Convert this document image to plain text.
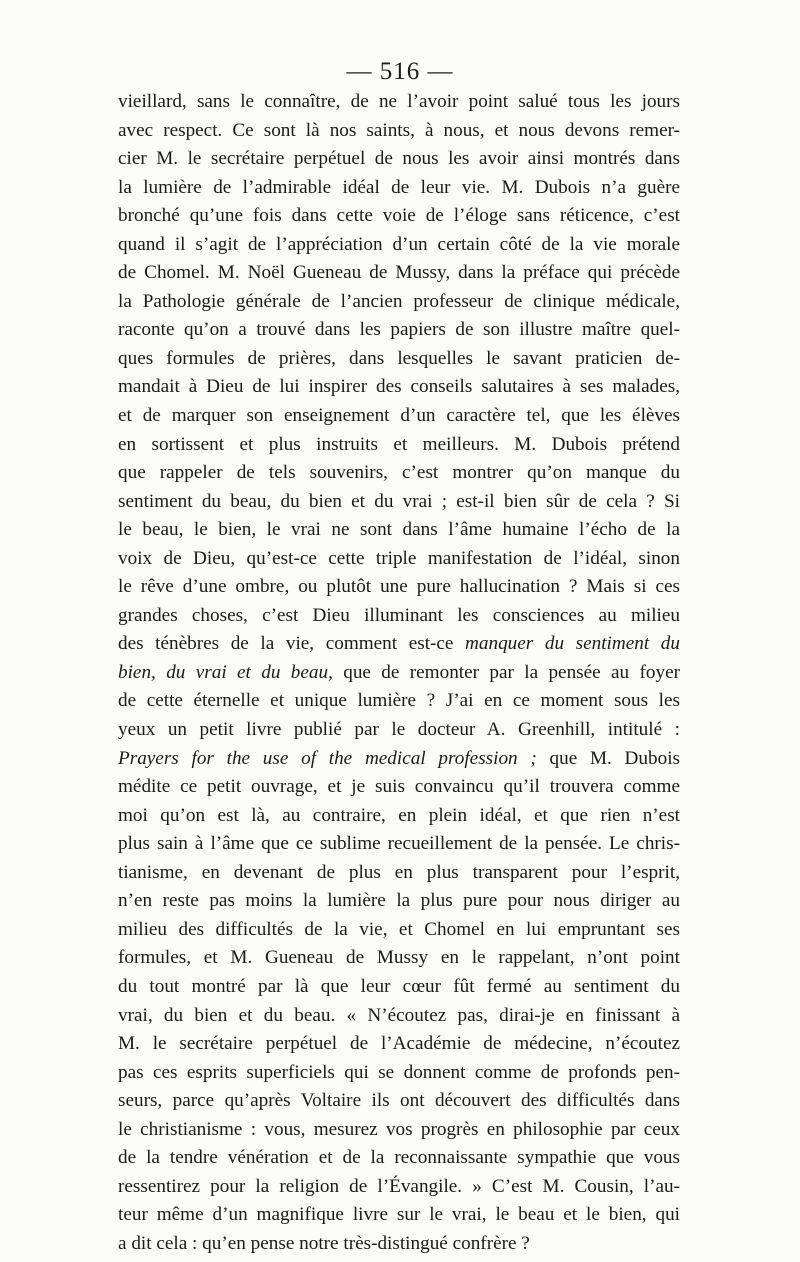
— 516 —
vieillard, sans le connaître, de ne l’avoir point salué tous les jours
avec respect. Ce sont là nos saints, à nous, et nous devons remer-
cier M. le secrétaire perpétuel de nous les avoir ainsi montrés dans
la lumière de l’admirable idéal de leur vie. M. Dubois n’a guère
bronché qu’une fois dans cette voie de l’éloge sans réticence, c’est
quand il s’agit de l’appréciation d’un certain côté de la vie morale
de Chomel. M. Noël Gueneau de Mussy, dans la préface qui précède
la Pathologie générale de l’ancien professeur de clinique médicale,
raconte qu’on a trouvé dans les papiers de son illustre maître quel-
ques formules de prières, dans lesquelles le savant praticien de-
mandait à Dieu de lui inspirer des conseils salutaires à ses malades,
et de marquer son enseignement d’un caractère tel, que les élèves
en sortissent et plus instruits et meilleurs. M. Dubois prétend
que rappeler de tels souvenirs, c’est montrer qu’on manque du
sentiment du beau, du bien et du vrai ; est-il bien sûr de cela ? Si
le beau, le bien, le vrai ne sont dans l’âme humaine l’écho de la
voix de Dieu, qu’est-ce cette triple manifestation de l’idéal, sinon
le rêve d’une ombre, ou plutôt une pure hallucination ? Mais si ces
grandes choses, c’est Dieu illuminant les consciences au milieu
des ténèbres de la vie, comment est-ce manquer du sentiment du
bien, du vrai et du beau, que de remonter par la pensée au foyer
de cette éternelle et unique lumière ? J’ai en ce moment sous les
yeux un petit livre publié par le docteur A. Greenhill, intitulé :
Prayers for the use of the medical profession ; que M. Dubois
médite ce petit ouvrage, et je suis convaincu qu’il trouvera comme
moi qu’on est là, au contraire, en plein idéal, et que rien n’est
plus sain à l’âme que ce sublime recueillement de la pensée. Le chris-
tianisme, en devenant de plus en plus transparent pour l’esprit,
n’en reste pas moins la lumière la plus pure pour nous diriger au
milieu des difficultés de la vie, et Chomel en lui empruntant ses
formules, et M. Gueneau de Mussy en le rappelant, n’ont point
du tout montré par là que leur cœur fût fermé au sentiment du
vrai, du bien et du beau. « N’écoutez pas, dirai-je en finissant à
M. le secrétaire perpétuel de l’Académie de médecine, n’écoutez
pas ces esprits superficiels qui se donnent comme de profonds pen-
seurs, parce qu’après Voltaire ils ont découvert des difficultés dans
le christianisme : vous, mesurez vos progrès en philosophie par ceux
de la tendre vénération et de la reconnaissante sympathie que vous
ressentirez pour la religion de l’Évangile. » C’est M. Cousin, l’au-
teur même d’un magnifique livre sur le vrai, le beau et le bien, qui
a dit cela : qu’en pense notre très-distingué confrère ?
